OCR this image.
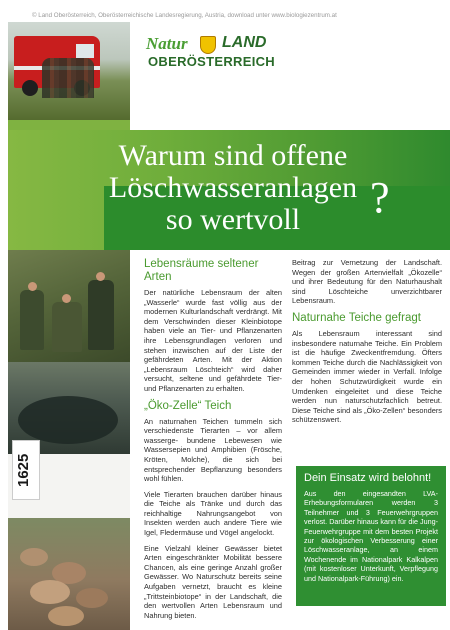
© Land Oberösterreich, Oberösterreichische Landesregierung, Austria, download unter www.biologiezentrum.at
Natur LAND
OBERÖSTERREICH
Warum sind offene
Löschwasseranlagen
so wertvoll	?
1625
Lebensräume seltener Arten

Der natürliche Lebensraum der alten „Wasserle“ wurde fast völlig aus der modernen Kulturlandschaft verdrängt. Mit dem Verschwinden dieser Kleinbiotope haben viele an Tier- und Pflanzenarten ihre Lebensgrundlagen verloren und stehen inzwischen auf der Liste der gefährdeten Arten. Mit der Aktion „Lebensraum Löschteich“ wird daher versucht, seltene und gefährdete Tier- und Pflanzenarten zu erhalten.

„Öko-Zelle“ Teich

An naturnahen Teichen tummeln sich verschiedenste Tierarten – vor allem wasserge- bundene Lebewesen wie Wassersepien und Amphibien (Frösche, Kröten, Molche), die sich bei entsprechender Bepflanzung besonders wohl fühlen.

Viele Tierarten brauchen darüber hinaus die Teiche als Tränke und durch das reichhaltige Nahrungsangebot von Insekten werden auch andere Tiere wie Igel, Fledermäuse und Vögel angelockt.

Eine Vielzahl kleiner Gewässer bietet Arten eingeschränkter Mobilität bessere Chancen, als eine geringe Anzahl großer Gewässer. Wo Naturschutz bereits seine Aufgaben vernetzt, braucht es kleine „Trittsteinbiotope“ in der Landschaft, die den wertvollen Arten Lebensraum und Nahrung bieten.

Beitrag zur Vernetzung der Landschaft. Wegen der großen Artenvielfalt „Ökozelle“ und ihrer Bedeutung für den Naturhaushalt sind Löschteiche unverzichtbarer Lebensraum.

Naturnahe Teiche gefragt

Als Lebensraum interessant sind insbesondere naturnahe Teiche. Ein Problem ist die häufige Zweckentfremdung. Öfters kommen Teiche durch die Nachlässigkeit von Gemeinden immer wieder in Verfall. Infolge der hohen Schutzwürdigkeit wurde ein Umdenken eingeleitet und diese Teiche werden nun naturschutzfachlich betreut. Diese Teiche sind als „Öko-Zellen“ besonders schützenswert.

Dein Einsatz wird belohnt!

Aus den eingesandten LVA-Erhebungsformularen werden 3 Teilnehmer und 3 Feuerwehrgruppen verlost. Darüber hinaus kann für die Jung-Feuerwehrgruppe mit dem besten Projekt zur ökologischen Verbesserung einer Löschwasseranlage, an einem Wochenende im Nationalpark Kalkalpen (mit kostenloser Unterkunft, Verpflegung und Nationalpark-Führung) ein.
